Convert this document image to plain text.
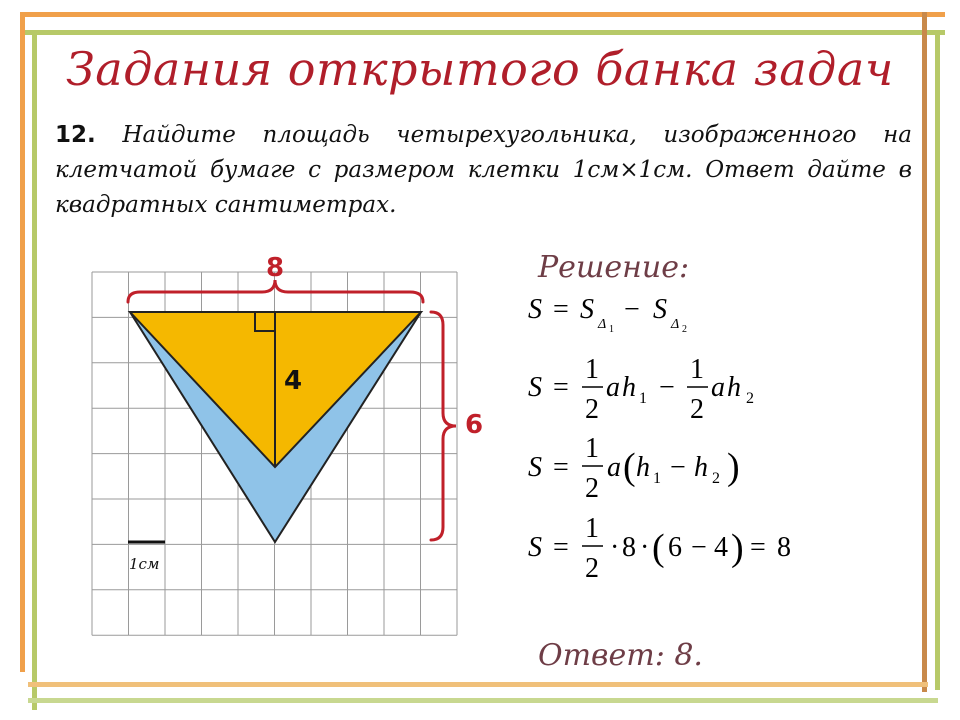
Задания открытого банка задач
12. Найдите площадь четырехугольника, изображенного на клетчатой бумаге с размером клетки 1см×1см. Ответ дайте в квадратных сантиметрах.
8
6
4
1см
Решение:
S = S Δ 1
− S Δ 2
S =
1
2
a h 1 −
1
2
a h 2
S =
1
2
a ( h 1 − h 2 )
S =
1
2
· 8 · ( 6 − 4 ) = 8
Ответ: 8.
